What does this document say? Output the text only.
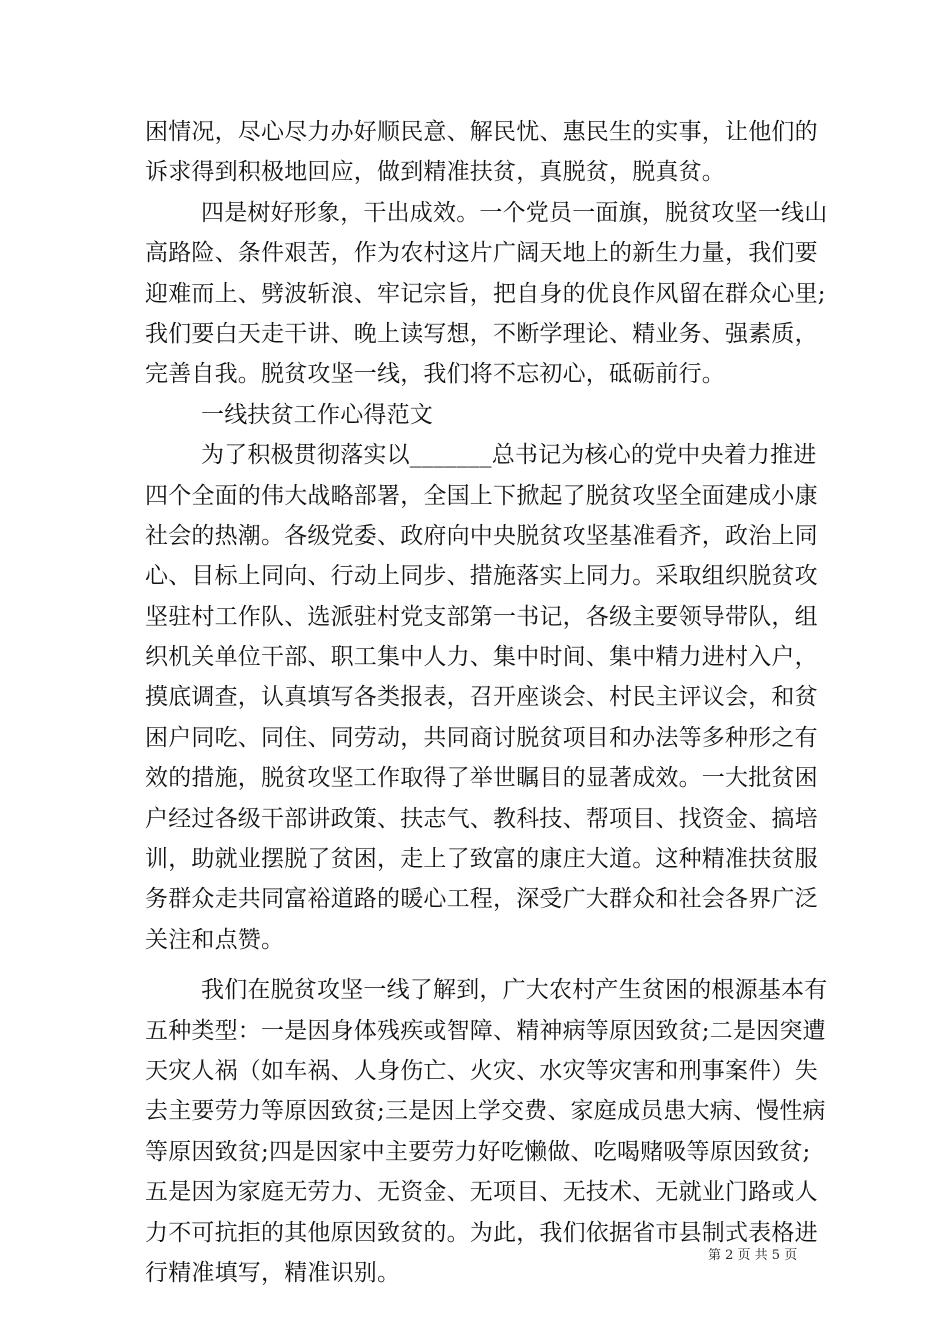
困情况，尽心尽力办好顺民意、解民忧、惠民生的实事，让他们的
诉求得到积极地回应，做到精准扶贫，真脱贫，脱真贫。
四是树好形象，干出成效。一个党员一面旗，脱贫攻坚一线山
高路险、条件艰苦，作为农村这片广阔天地上的新生力量，我们要
迎难而上、劈波斩浪、牢记宗旨，把自身的优良作风留在群众心里;
我们要白天走干讲、晚上读写想，不断学理论、精业务、强素质，
完善自我。脱贫攻坚一线，我们将不忘初心，砥砺前行。
一线扶贫工作心得范文
为了积极贯彻落实以_______总书记为核心的党中央着力推进
四个全面的伟大战略部署，全国上下掀起了脱贫攻坚全面建成小康
社会的热潮。各级党委、政府向中央脱贫攻坚基准看齐，政治上同
心、目标上同向、行动上同步、措施落实上同力。采取组织脱贫攻
坚驻村工作队、选派驻村党支部第一书记，各级主要领导带队，组
织机关单位干部、职工集中人力、集中时间、集中精力进村入户，
摸底调查，认真填写各类报表，召开座谈会、村民主评议会，和贫
困户同吃、同住、同劳动，共同商讨脱贫项目和办法等多种形之有
效的措施，脱贫攻坚工作取得了举世瞩目的显著成效。一大批贫困
户经过各级干部讲政策、扶志气、教科技、帮项目、找资金、搞培
训，助就业摆脱了贫困，走上了致富的康庄大道。这种精准扶贫服
务群众走共同富裕道路的暖心工程，深受广大群众和社会各界广泛
关注和点赞。
我们在脱贫攻坚一线了解到，广大农村产生贫困的根源基本有
五种类型：一是因身体残疾或智障、精神病等原因致贫;二是因突遭
天灾人祸（如车祸、人身伤亡、火灾、水灾等灾害和刑事案件）失
去主要劳力等原因致贫;三是因上学交费、家庭成员患大病、慢性病
等原因致贫;四是因家中主要劳力好吃懒做、吃喝赌吸等原因致贫;
五是因为家庭无劳力、无资金、无项目、无技术、无就业门路或人
力不可抗拒的其他原因致贫的。为此，我们依据省市县制式表格进
行精准填写，精准识别。
第 2 页 共 5 页
